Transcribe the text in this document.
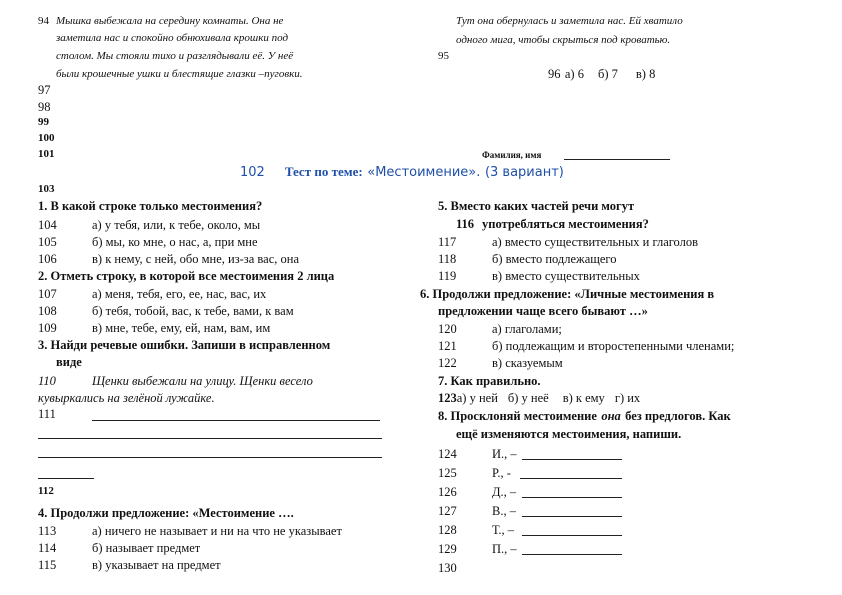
94 Мышка выбежала на середину комнаты. Она не
заметила нас и спокойно обнюхивала крошки под
столом. Мы стояли тихо и разглядывали её. У неё
были крошечные ушки и блестящие глазки –пуговки.
Тут она обернулась и заметила нас. Ей хватило
одного мига, чтобы скрыться под кроватью.
95
96 а) 6 б) 7 в) 8
97
98
99
100
101	Фамилия, имя
102 Тест по теме: «Местоимение». (3 вариант)
103
1. В какой строке только местоимения?
104	а) у тебя, или, к тебе, около, мы
105	б) мы, ко мне, о нас, а, при мне
106	в) к нему, с ней, обо мне, из-за вас, она
2. Отметь строку, в которой все местоимения 2 лица
107	а) меня, тебя, его, ее, нас, вас, их
108	б) тебя, тобой, вас, к тебе, вами, к вам
109	в) мне, тебе, ему, ей, нам, вам, им
3. Найди речевые ошибки. Запиши в исправленном
виде
110	Щенки выбежали на улицу. Щенки весело
кувыркались на зелёной лужайке.
111
112
4. Продолжи предложение: «Местоимение ….
113	а) ничего не называет и ни на что не указывает
114	б) называет предмет
115	в) указывает на предмет
5. Вместо каких частей речи могут
116 употребляться местоимения?
117	а) вместо существительных и глаголов
118	б) вместо подлежащего
119	в) вместо существительных
6. Продолжи предложение: «Личные местоимения в
предложении чаще всего бывают …»
120	а) глаголами;
121	б) подлежащим и второстепенными членами;
122	в) сказуемым
7. Как правильно.
123а) у ней б) у неё в) к ему г) их
8. Просклоняй местоимение она без предлогов. Как
ещё изменяются местоимения, напиши.
124	И., –
125	Р., -
126	Д., –
127	В., –
128	Т., –
129	П., –
130
